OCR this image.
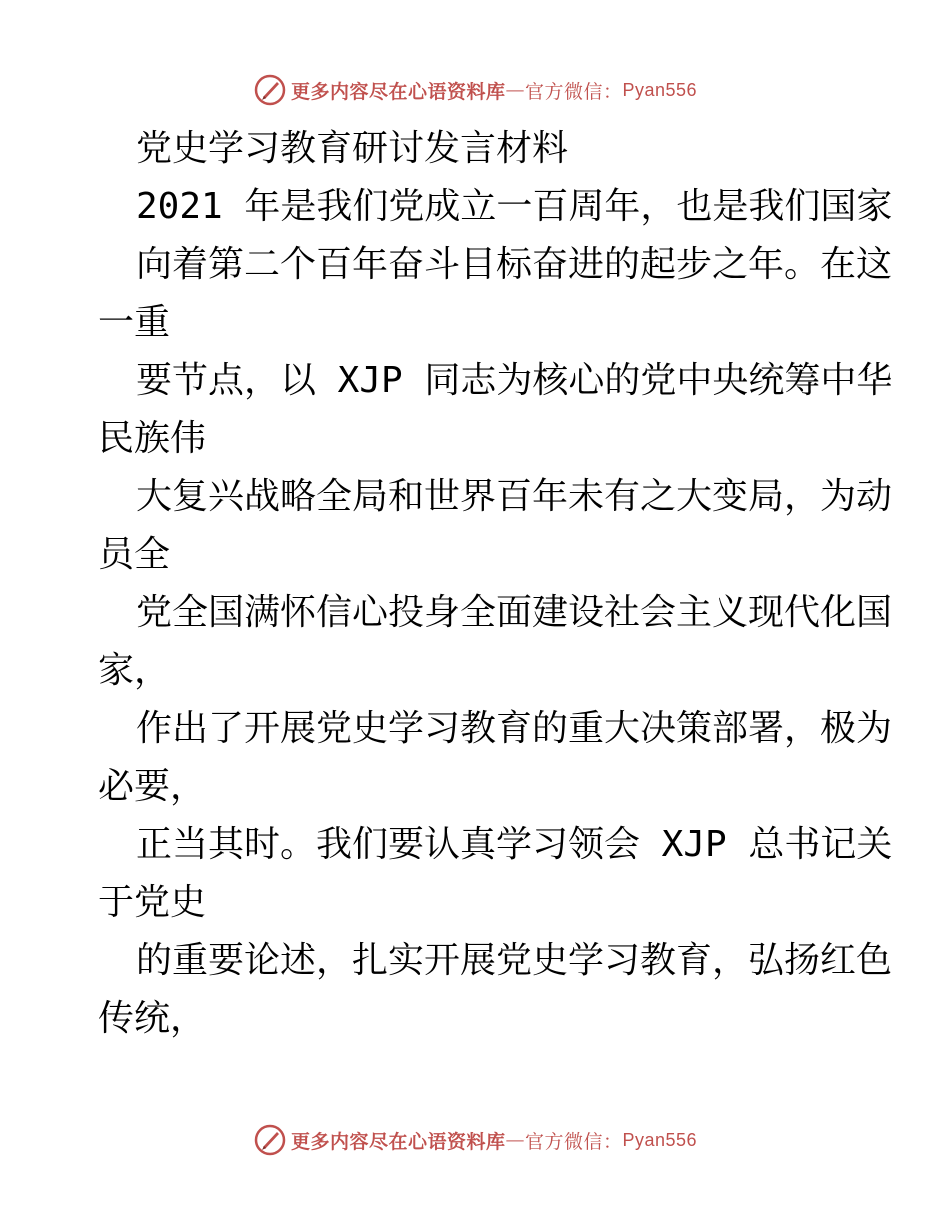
更多内容尽在心语资料库 — 官方微信： Pyan556
党史学习教育研讨发言材料
2021 年是我们党成立一百周年，也是我们国家
向着第二个百年奋斗目标奋进的起步之年。在这
一重
要节点，以 XJP 同志为核心的党中央统筹中华
民族伟
大复兴战略全局和世界百年未有之大变局，为动
员全
党全国满怀信心投身全面建设社会主义现代化国
家，
作出了开展党史学习教育的重大决策部署，极为
必要，
正当其时。我们要认真学习领会 XJP 总书记关
于党史
的重要论述，扎实开展党史学习教育，弘扬红色
传统，
更多内容尽在心语资料库 — 官方微信： Pyan556
